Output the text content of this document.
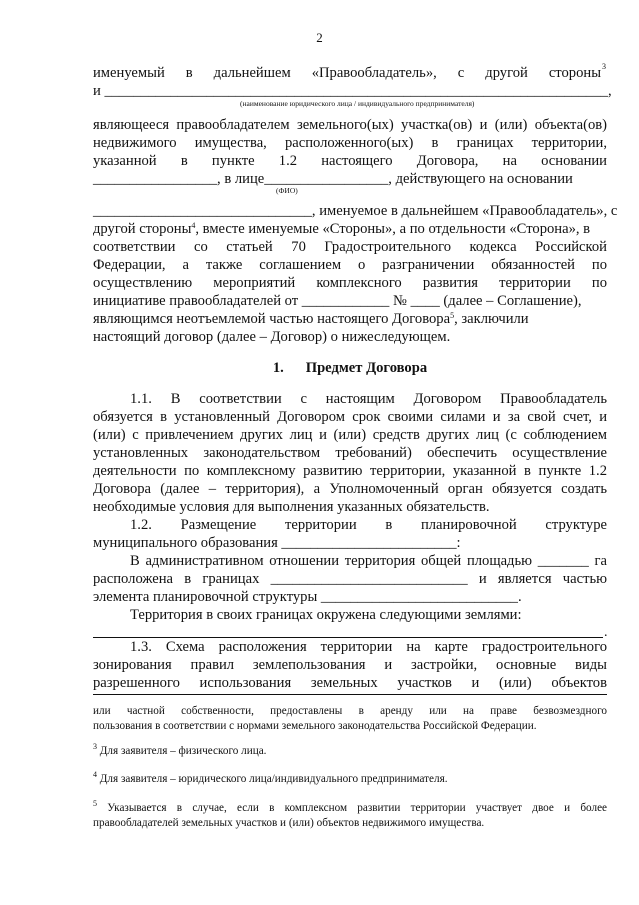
2
именуемый в дальнейшем «Правообладатель», с другой стороны 3
и _____________________________________________________________________,
(наименование юридического лица / индивидуального предпринимателя)
являющееся правообладателем земельного(ых) участка(ов) и (или) объекта(ов)
недвижимого имущества, расположенного(ых) в границах территории,
указанной в пункте 1.2 настоящего Договора, на основании
_________________, в лице_________________, действующего на основании
(ФИО)
______________________________, именуемое в дальнейшем «Правообладатель», с
другой стороны$^4$, вместе именуемые «Стороны», а по отдельности «Сторона», в
соответствии со статьей 70 Градостроительного кодекса Российской
Федерации, а также соглашением о разграничении обязанностей по
осуществлению мероприятий комплексного развития территории по
инициативе правообладателей от ____________ № ____ (далее – Соглашение),
являющимся неотъемлемой частью настоящего Договора$^5$, заключили
настоящий договор (далее – Договор) о нижеследующем.
1. Предмет Договора
1.1. В соответствии с настоящим Договором Правообладатель
обязуется в установленный Договором срок своими силами и за свой счет, и
(или) с привлечением других лиц и (или) средств других лиц (с соблюдением
установленных законодательством требований) обеспечить осуществление
деятельности по комплексному развитию территории, указанной в пункте 1.2
Договора (далее – территория), а Уполномоченный орган обязуется создать
необходимые условия для выполнения указанных обязательств.
1.2. Размещение территории в планировочной структуре
муниципального образования ________________________:
В административном отношении территория общей площадью _______ га
расположена в границах ___________________________ и является частью
элемента планировочной структуры ___________________________.
Территория в своих границах окружена следующими землями:
.
1.3. Схема расположения территории на карте градостроительного
зонирования правил землепользования и застройки, основные виды
разрешенного использования земельных участков и (или) объектов
или частной собственности, предоставлены в аренду или на праве безвозмездного
пользования в соответствии с нормами земельного законодательства Российской Федерации.
$^3$ Для заявителя – физического лица.
$^4$ Для заявителя – юридического лица/индивидуального предпринимателя.
$^5$ Указывается в случае, если в комплексном развитии территории участвует двое и более
правообладателей земельных участков и (или) объектов недвижимого имущества.
